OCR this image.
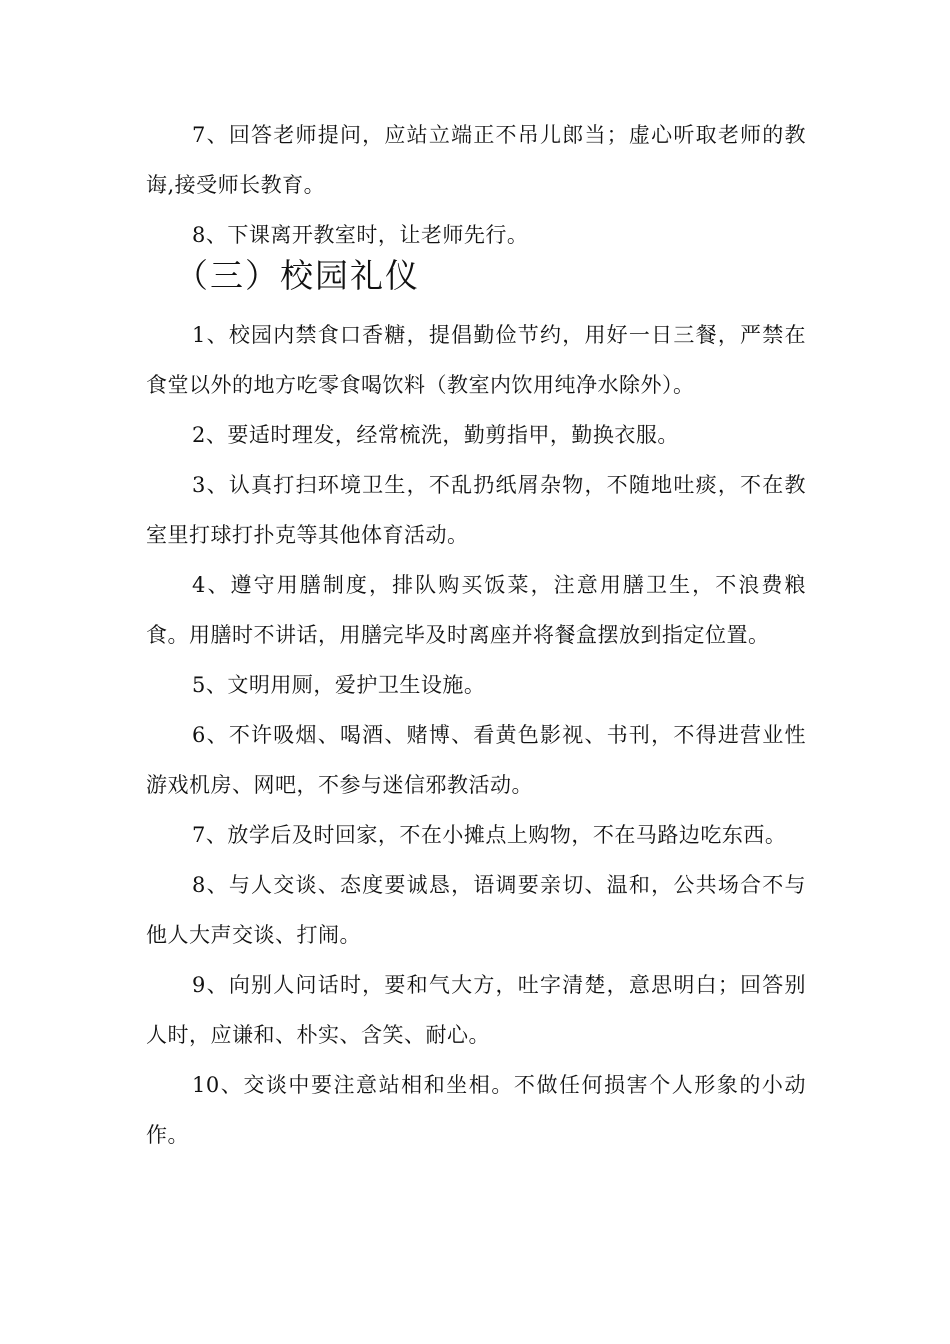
7、回答老师提问，应站立端正不吊儿郎当；虚心听取老师的教诲,接受师长教育。

8、下课离开教室时，让老师先行。

（三）校园礼仪

1、校园内禁食口香糖，提倡勤俭节约，用好一日三餐，严禁在食堂以外的地方吃零食喝饮料（教室内饮用纯净水除外）。

2、要适时理发，经常梳洗，勤剪指甲，勤换衣服。

3、认真打扫环境卫生，不乱扔纸屑杂物，不随地吐痰，不在教室里打球打扑克等其他体育活动。

4、遵守用膳制度，排队购买饭菜，注意用膳卫生，不浪费粮食。用膳时不讲话，用膳完毕及时离座并将餐盒摆放到指定位置。

5、文明用厕，爱护卫生设施。

6、不许吸烟、喝酒、赌博、看黄色影视、书刊，不得进营业性游戏机房、网吧，不参与迷信邪教活动。

7、放学后及时回家，不在小摊点上购物，不在马路边吃东西。

8、与人交谈、态度要诚恳，语调要亲切、温和，公共场合不与他人大声交谈、打闹。

9、向别人问话时，要和气大方，吐字清楚，意思明白；回答别人时，应谦和、朴实、含笑、耐心。

10、交谈中要注意站相和坐相。不做任何损害个人形象的小动作。
